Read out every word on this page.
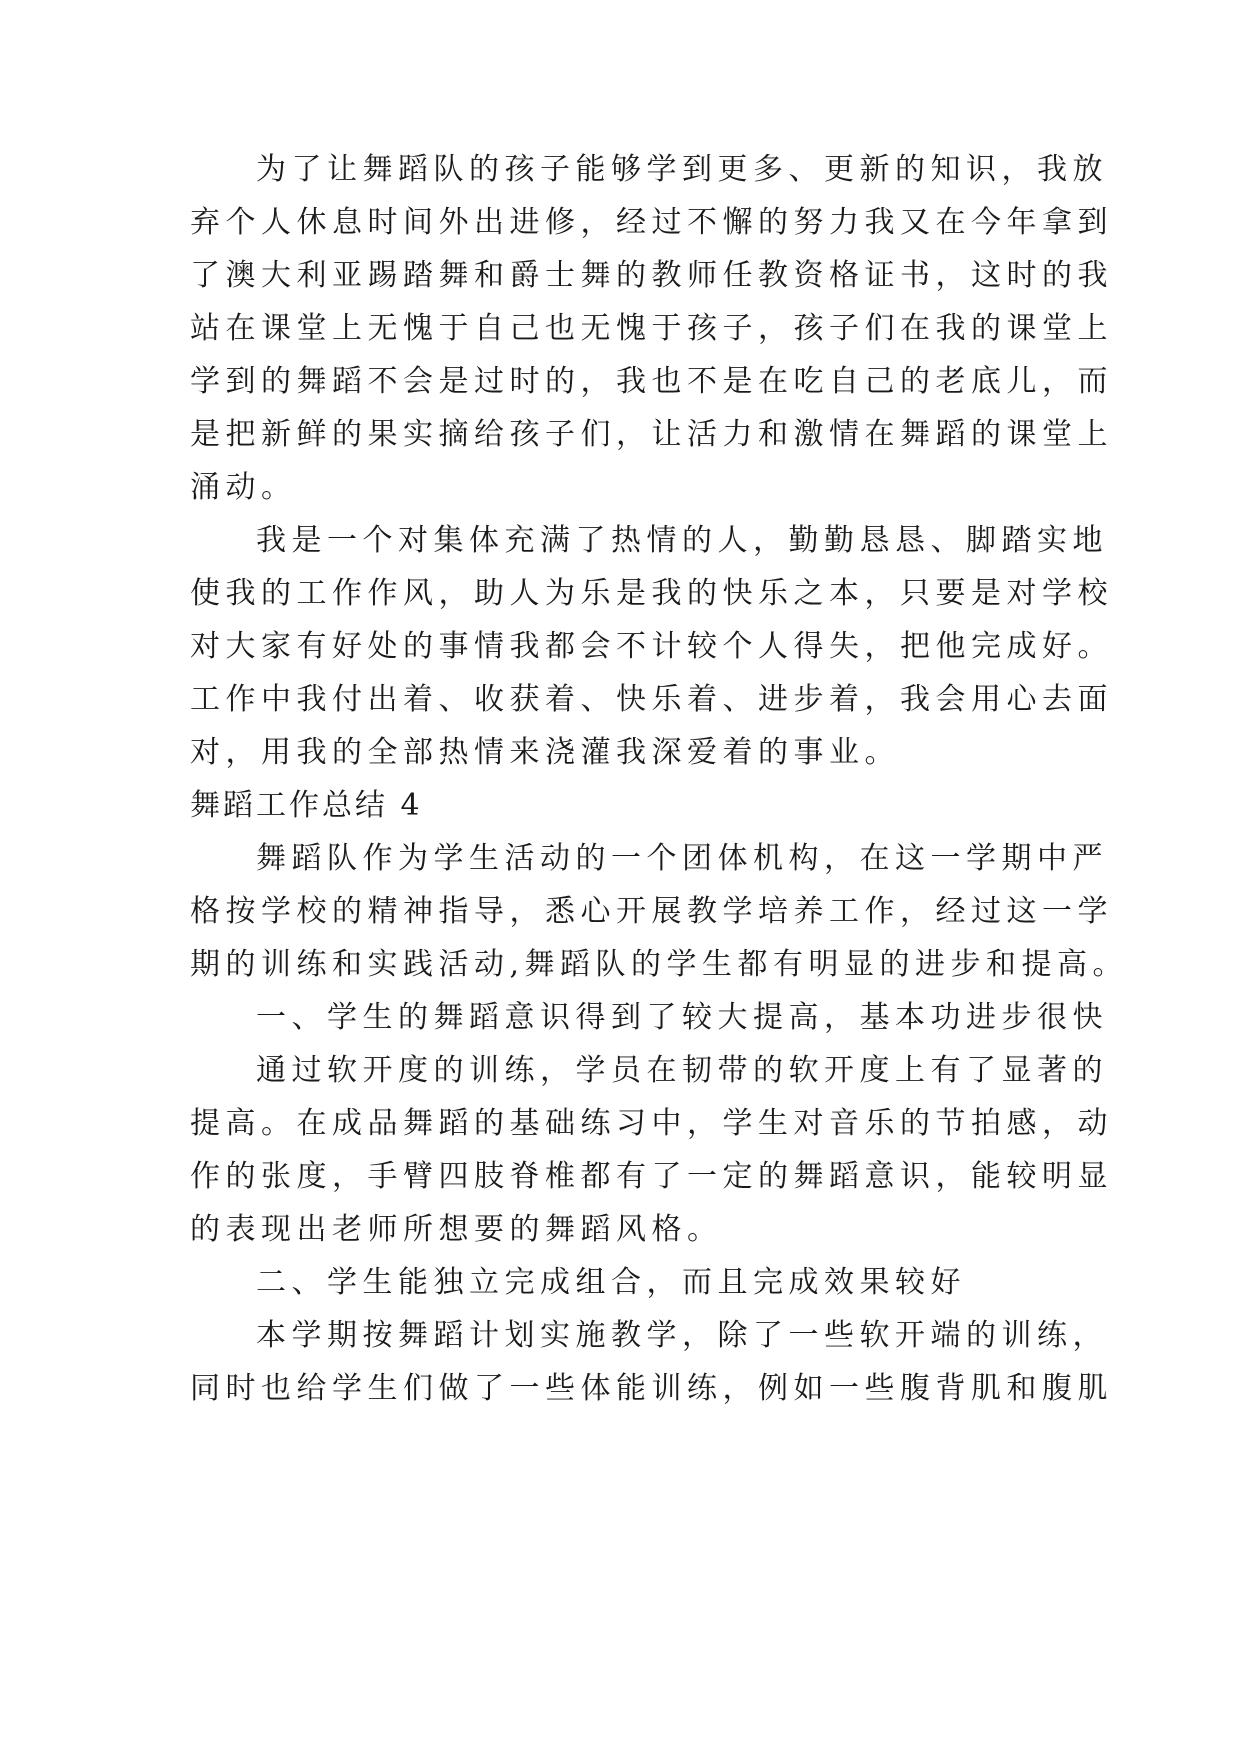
为了让舞蹈队的孩子能够学到更多、更新的知识，我放
弃个人休息时间外出进修，经过不懈的努力我又在今年拿到
了澳大利亚踢踏舞和爵士舞的教师任教资格证书，这时的我
站在课堂上无愧于自己也无愧于孩子，孩子们在我的课堂上
学到的舞蹈不会是过时的，我也不是在吃自己的老底儿，而
是把新鲜的果实摘给孩子们，让活力和激情在舞蹈的课堂上
涌动。
我是一个对集体充满了热情的人，勤勤恳恳、脚踏实地
使我的工作作风，助人为乐是我的快乐之本，只要是对学校
对大家有好处的事情我都会不计较个人得失，把他完成好。
工作中我付出着、收获着、快乐着、进步着，我会用心去面
对，用我的全部热情来浇灌我深爱着的事业。
舞蹈工作总结 4
舞蹈队作为学生活动的一个团体机构，在这一学期中严
格按学校的精神指导，悉心开展教学培养工作，经过这一学
期的训练和实践活动,舞蹈队的学生都有明显的进步和提高。
一、学生的舞蹈意识得到了较大提高，基本功进步很快
通过软开度的训练，学员在韧带的软开度上有了显著的
提高。在成品舞蹈的基础练习中，学生对音乐的节拍感，动
作的张度，手臂四肢脊椎都有了一定的舞蹈意识，能较明显
的表现出老师所想要的舞蹈风格。
二、学生能独立完成组合，而且完成效果较好
本学期按舞蹈计划实施教学，除了一些软开端的训练，
同时也给学生们做了一些体能训练，例如一些腹背肌和腹肌
